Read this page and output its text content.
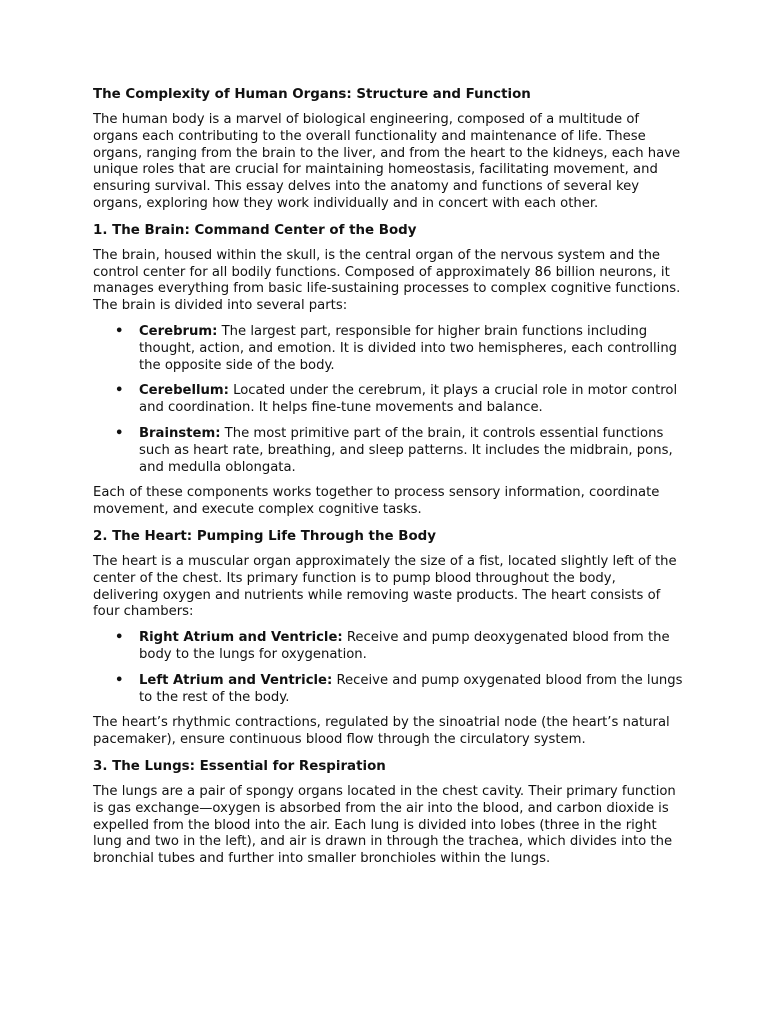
The Complexity of Human Organs: Structure and Function

The human body is a marvel of biological engineering, composed of a multitude of organs each contributing to the overall functionality and maintenance of life. These organs, ranging from the brain to the liver, and from the heart to the kidneys, each have unique roles that are crucial for maintaining homeostasis, facilitating movement, and ensuring survival. This essay delves into the anatomy and functions of several key organs, exploring how they work individually and in concert with each other.

1. The Brain: Command Center of the Body

The brain, housed within the skull, is the central organ of the nervous system and the control center for all bodily functions. Composed of approximately 86 billion neurons, it manages everything from basic life-sustaining processes to complex cognitive functions. The brain is divided into several parts:

• Cerebrum: The largest part, responsible for higher brain functions including thought, action, and emotion. It is divided into two hemispheres, each controlling the opposite side of the body.
• Cerebellum: Located under the cerebrum, it plays a crucial role in motor control and coordination. It helps fine-tune movements and balance.
• Brainstem: The most primitive part of the brain, it controls essential functions such as heart rate, breathing, and sleep patterns. It includes the midbrain, pons, and medulla oblongata.

Each of these components works together to process sensory information, coordinate movement, and execute complex cognitive tasks.

2. The Heart: Pumping Life Through the Body

The heart is a muscular organ approximately the size of a fist, located slightly left of the center of the chest. Its primary function is to pump blood throughout the body, delivering oxygen and nutrients while removing waste products. The heart consists of four chambers:

• Right Atrium and Ventricle: Receive and pump deoxygenated blood from the body to the lungs for oxygenation.
• Left Atrium and Ventricle: Receive and pump oxygenated blood from the lungs to the rest of the body.

The heart’s rhythmic contractions, regulated by the sinoatrial node (the heart’s natural pacemaker), ensure continuous blood flow through the circulatory system.

3. The Lungs: Essential for Respiration

The lungs are a pair of spongy organs located in the chest cavity. Their primary function is gas exchange—oxygen is absorbed from the air into the blood, and carbon dioxide is expelled from the blood into the air. Each lung is divided into lobes (three in the right lung and two in the left), and air is drawn in through the trachea, which divides into the bronchial tubes and further into smaller bronchioles within the lungs.
